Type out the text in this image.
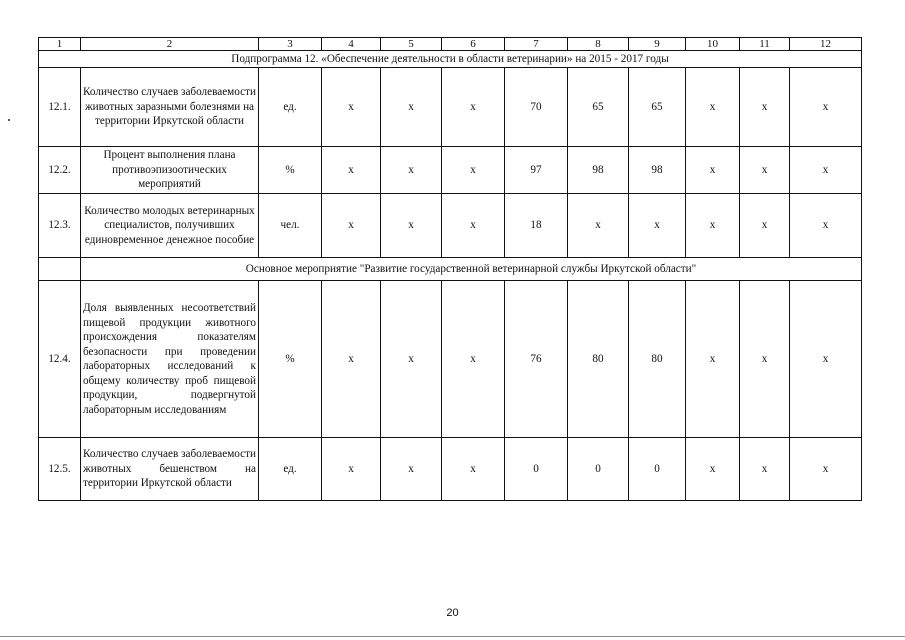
1	2	3	4	5	6	7	8	9	10	11	12
Подпрограмма 12. «Обеспечение деятельности в области ветеринарии» на 2015 - 2017 годы											
12.1.	Количество случаев заболеваемости животных заразными болезнями на территории Иркутской области	ед.	х	х	х	70	65	65	х	х	х
12.2.	Процент выполнения плана противоэпизоотических мероприятий	%	х	х	х	97	98	98	х	х	х
12.3.	Количество молодых ветеринарных специалистов, получивших единовременное денежное пособие	чел.	х	х	х	18	х	х	х	х	х
	Основное мероприятие "Развитие государственной ветеринарной службы Иркутской области"										
12.4.	Доля выявленных несоответствий пищевой продукции животного происхождения показателям безопасности при проведении лабораторных исследований к общему количеству проб пищевой продукции, подвергнутой лабораторным исследованиям	%	х	х	х	76	80	80	х	х	х
12.5.	Количество случаев заболеваемости животных бешенством на территории Иркутской области	ед.	х	х	х	0	0	0	х	х	х
20
